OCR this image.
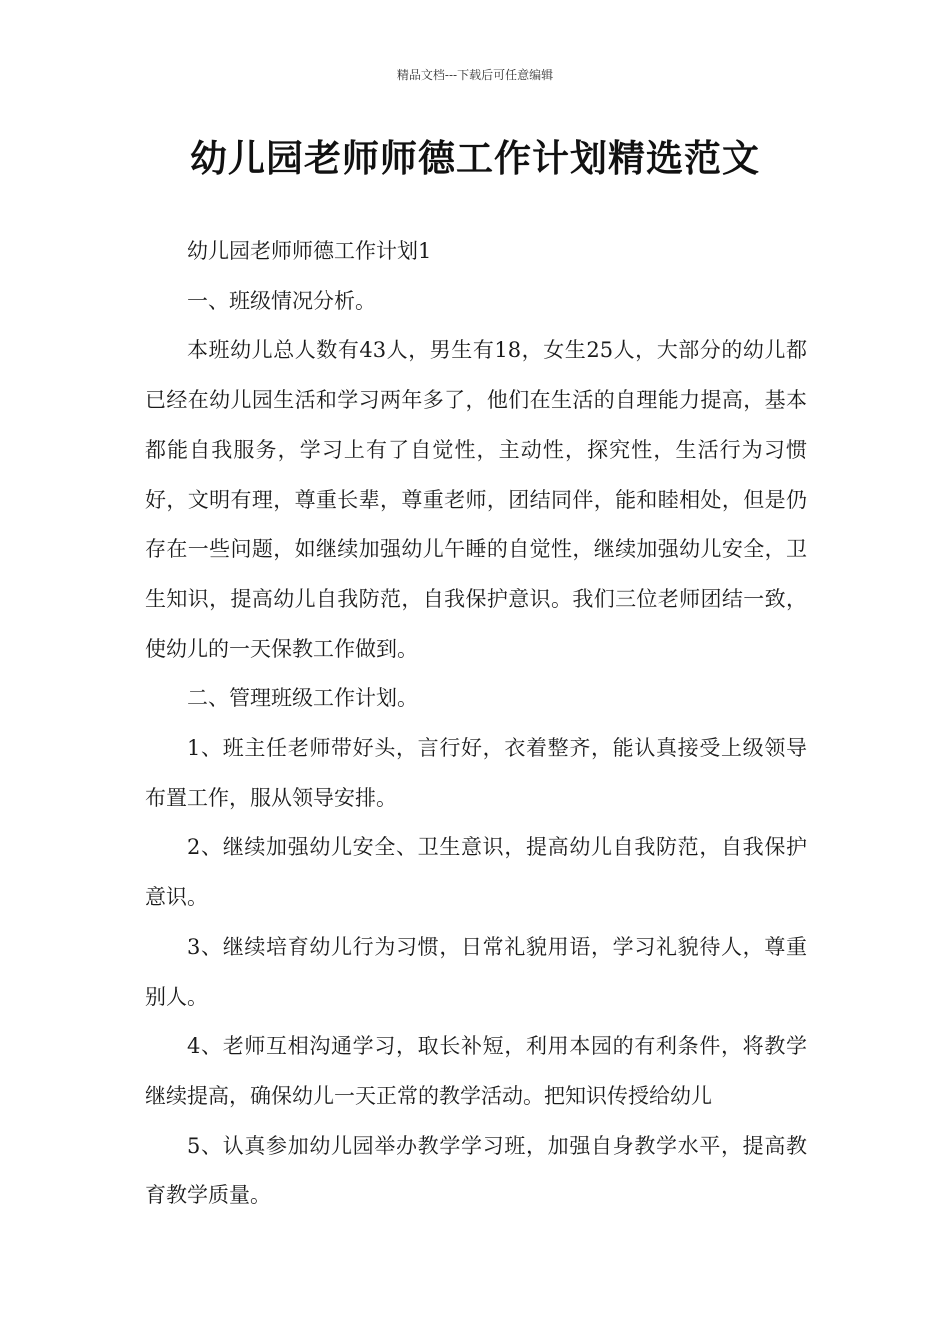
精品文档---下载后可任意编辑
幼儿园老师师德工作计划精选范文

幼儿园老师师德工作计划1

一、班级情况分析。

本班幼儿总人数有43人，男生有18，女生25人，大部分的幼儿都已经在幼儿园生活和学习两年多了，他们在生活的自理能力提高，基本都能自我服务，学习上有了自觉性，主动性，探究性，生活行为习惯好，文明有理，尊重长辈，尊重老师，团结同伴，能和睦相处，但是仍存在一些问题，如继续加强幼儿午睡的自觉性，继续加强幼儿安全，卫生知识，提高幼儿自我防范，自我保护意识。我们三位老师团结一致，使幼儿的一天保教工作做到。

二、管理班级工作计划。

1、班主任老师带好头，言行好，衣着整齐，能认真接受上级领导布置工作，服从领导安排。

2、继续加强幼儿安全、卫生意识，提高幼儿自我防范，自我保护意识。

3、继续培育幼儿行为习惯，日常礼貌用语，学习礼貌待人，尊重别人。

4、老师互相沟通学习，取长补短，利用本园的有利条件，将教学继续提高，确保幼儿一天正常的教学活动。把知识传授给幼儿

5、认真参加幼儿园举办教学学习班，加强自身教学水平，提高教育教学质量。
